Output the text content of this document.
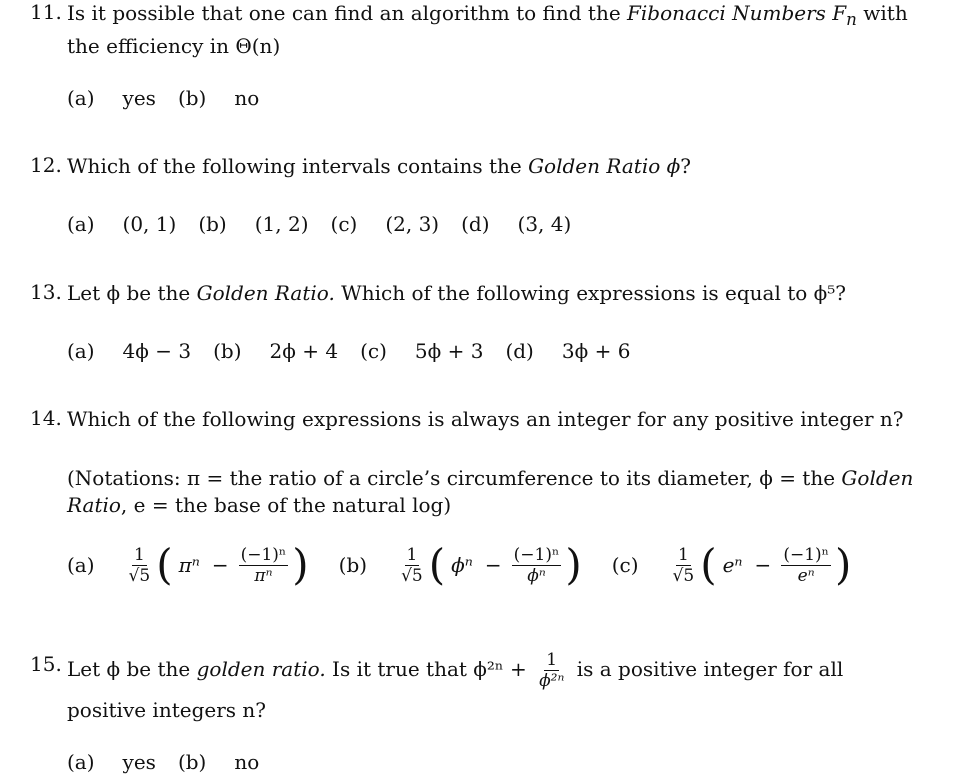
11. Is it possible that one can find an algorithm to find the Fibonacci Numbers $F_n$ with
the efficiency in Θ(n)
(a) yes (b) no
12. Which of the following intervals contains the Golden Ratio ϕ?
(a) (0, 1) (b) (1, 2) (c) (2, 3) (d) (3, 4)
13. Let ϕ be the Golden Ratio. Which of the following expressions is equal to ϕ⁵?
(a) 4ϕ − 3 (b) 2ϕ + 4 (c) 5ϕ + 3 (d) 3ϕ + 6
14. Which of the following expressions is always an integer for any positive integer n?
(Notations: π = the ratio of a circle’s circumference to its diameter, ϕ = the Golden
Ratio, e = the base of the natural log)
$(a) \frac{1}{√5}$ ( $\pi^n - \frac{\text{(−1)ⁿ}}{\text{πⁿ}}$ ) $(b) \frac{1}{√5}$ ( $\phi^n - \frac{\text{(−1)ⁿ}}{\text{ϕⁿ}}$ ) $(c) \frac{1}{√5}$ ( $e^n - \frac{\text{(−1)ⁿ}}{\text{eⁿ}}$ )
15. Let ϕ be the golden ratio. Is it true that $\phi^{2n} + \frac{1}{\text{ϕ²ⁿ}}$ is a positive integer for all
positive integers n?
(a) yes (b) no
